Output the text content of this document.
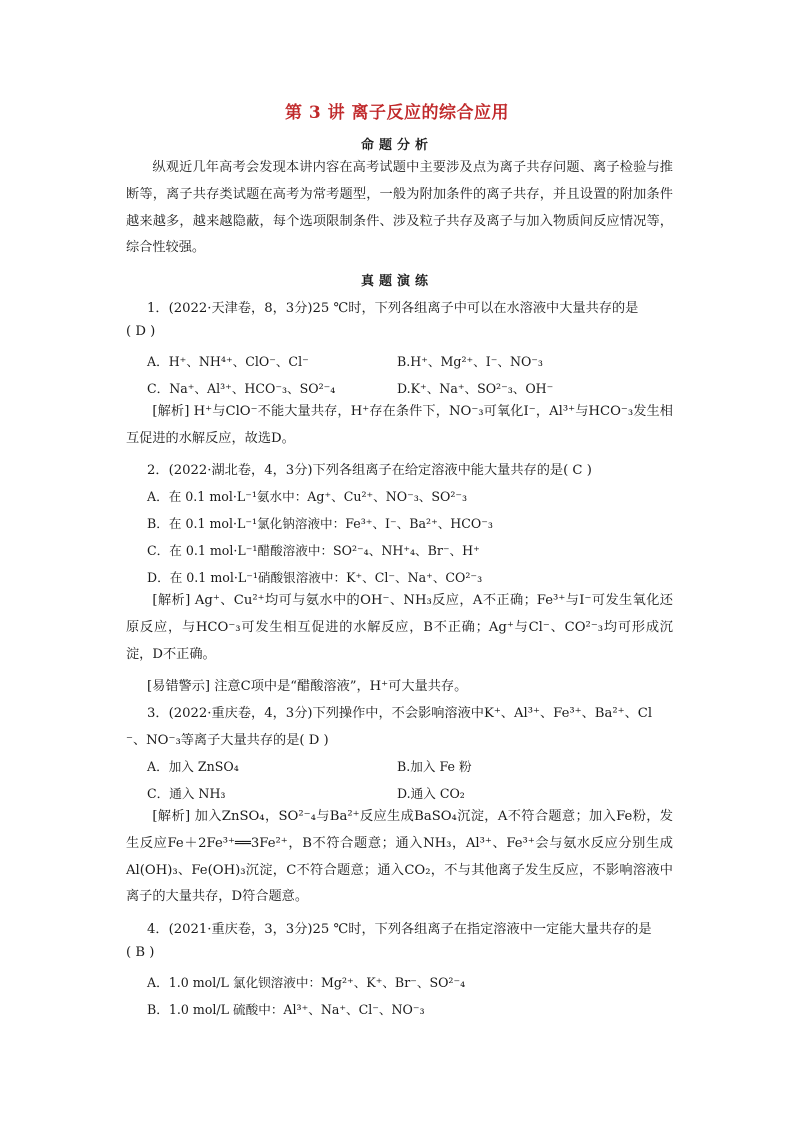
第 3 讲 离子反应的综合应用
命题分析

纵观近几年高考会发现本讲内容在高考试题中主要涉及点为离子共存问题、离子检验与推断等，离子共存类试题在高考为常考题型，一般为附加条件的离子共存，并且设置的附加条件越来越多，越来越隐蔽，每个选项限制条件、涉及粒子共存及离子与加入物质间反应情况等，综合性较强。

真题演练
1．(2022·天津卷，8，3分)25 ℃时，下列各组离子中可以在水溶液中大量共存的是
( D )
A．H⁺、NH⁴⁺、ClO⁻、Cl⁻	B.H⁺、Mg²⁺、I⁻、NO⁻₃
C．Na⁺、Al³⁺、HCO⁻₃、SO²⁻₄	D.K⁺、Na⁺、SO²⁻₃、OH⁻

[解析] H⁺与ClO⁻不能大量共存，H⁺存在条件下，NO⁻₃可氧化I⁻，Al³⁺与HCO⁻₃发生相互促进的水解反应，故选D。

2．(2022·湖北卷，4，3分)下列各组离子在给定溶液中能大量共存的是( C )
A．在 0.1 mol·L⁻¹氨水中：Ag⁺、Cu²⁺、NO⁻₃、SO²⁻₃
B．在 0.1 mol·L⁻¹氯化钠溶液中：Fe³⁺、I⁻、Ba²⁺、HCO⁻₃
C．在 0.1 mol·L⁻¹醋酸溶液中：SO²⁻₄、NH⁺₄、Br⁻、H⁺
D．在 0.1 mol·L⁻¹硝酸银溶液中：K⁺、Cl⁻、Na⁺、CO²⁻₃

[解析] Ag⁺、Cu²⁺均可与氨水中的OH⁻、NH₃反应，A不正确；Fe³⁺与I⁻可发生氧化还原反应，与HCO⁻₃可发生相互促进的水解反应，B不正确；Ag⁺与Cl⁻、CO²⁻₃均可形成沉淀，D不正确。

[易错警示] 注意C项中是“醋酸溶液”，H⁺可大量共存。
3．(2022·重庆卷，4，3分)下列操作中，不会影响溶液中K⁺、Al³⁺、Fe³⁺、Ba²⁺、Cl
⁻、NO⁻₃等离子大量共存的是( D )
A．加入 ZnSO₄	B.加入 Fe 粉
C．通入 NH₃	D.通入 CO₂

[解析] 加入ZnSO₄，SO²⁻₄与Ba²⁺反应生成BaSO₄沉淀，A不符合题意；加入Fe粉，发生反应Fe＋2Fe³⁺══3Fe²⁺，B不符合题意；通入NH₃，Al³⁺、Fe³⁺会与氨水反应分别生成Al(OH)₃、Fe(OH)₃沉淀，C不符合题意；通入CO₂，不与其他离子发生反应，不影响溶液中离子的大量共存，D符合题意。

4．(2021·重庆卷，3，3分)25 ℃时，下列各组离子在指定溶液中一定能大量共存的是
( B )
A．1.0 mol/L 氯化钡溶液中：Mg²⁺、K⁺、Br⁻、SO²⁻₄
B．1.0 mol/L 硫酸中：Al³⁺、Na⁺、Cl⁻、NO⁻₃
